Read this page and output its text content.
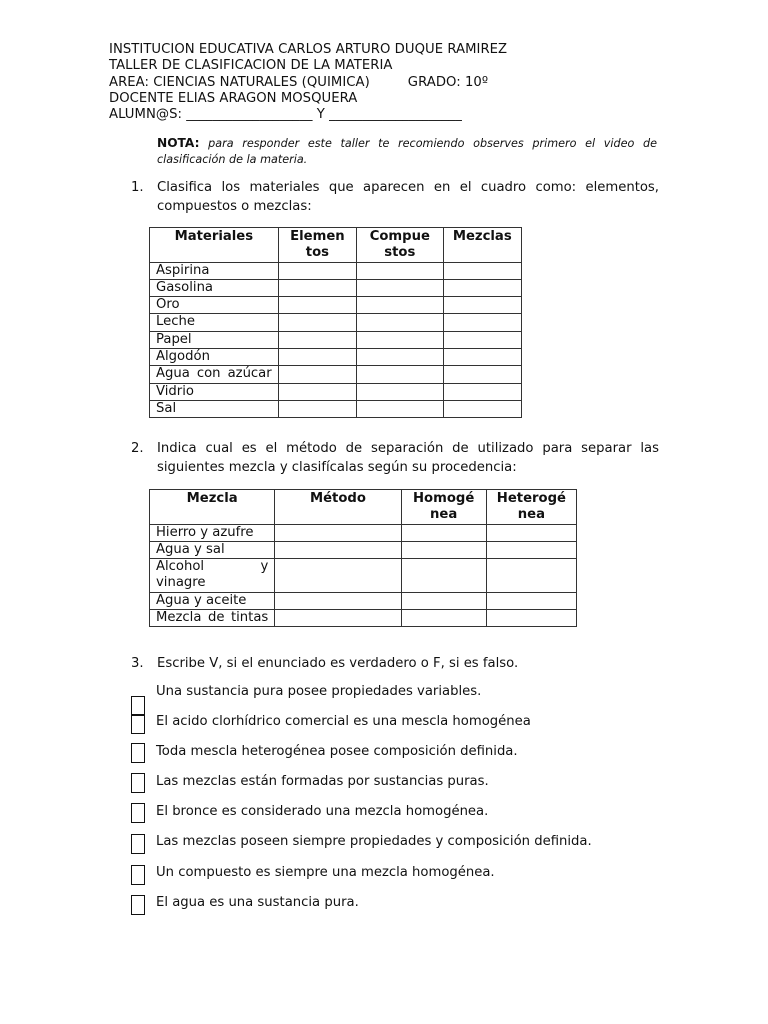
INSTITUCION EDUCATIVA CARLOS ARTURO DUQUE RAMIREZ
TALLER DE CLASIFICACION DE LA MATERIA
AREA: CIENCIAS NATURALES (QUIMICA)	GRADO: 10º
DOCENTE ELIAS ARAGON MOSQUERA
ALUMN@S: ___________________ Y ____________________
NOTA: para responder este taller te recomiendo observes primero el video de clasificación de la materia.
1. Clasifica los materiales que aparecen en el cuadro como: elementos, compuestos o mezclas:
Materiales	Elemen tos	Compue stos	Mezclas
Aspirina			
Gasolina			
Oro			
Leche			
Papel			
Algodón			
Agua con azúcar			
Vidrio			
Sal			
2. Indica cual es el método de separación de utilizado para separar las siguientes mezcla y clasifícalas según su procedencia:
Mezcla	Método	Homogé nea	Heterogé nea
Hierro y azufre			
Agua y sal			
Alcohol y vinagre			
Agua y aceite			
Mezcla de tintas			
3. Escribe V, si el enunciado es verdadero o F, si es falso.
Una sustancia pura posee propiedades variables.
El acido clorhídrico comercial es una mescla homogénea
Toda mescla heterogénea posee composición definida.
Las mezclas están formadas por sustancias puras.
El bronce es considerado una mezcla homogénea.
Las mezclas poseen siempre propiedades y composición definida.
Un compuesto es siempre una mezcla homogénea.
El agua es una sustancia pura.
